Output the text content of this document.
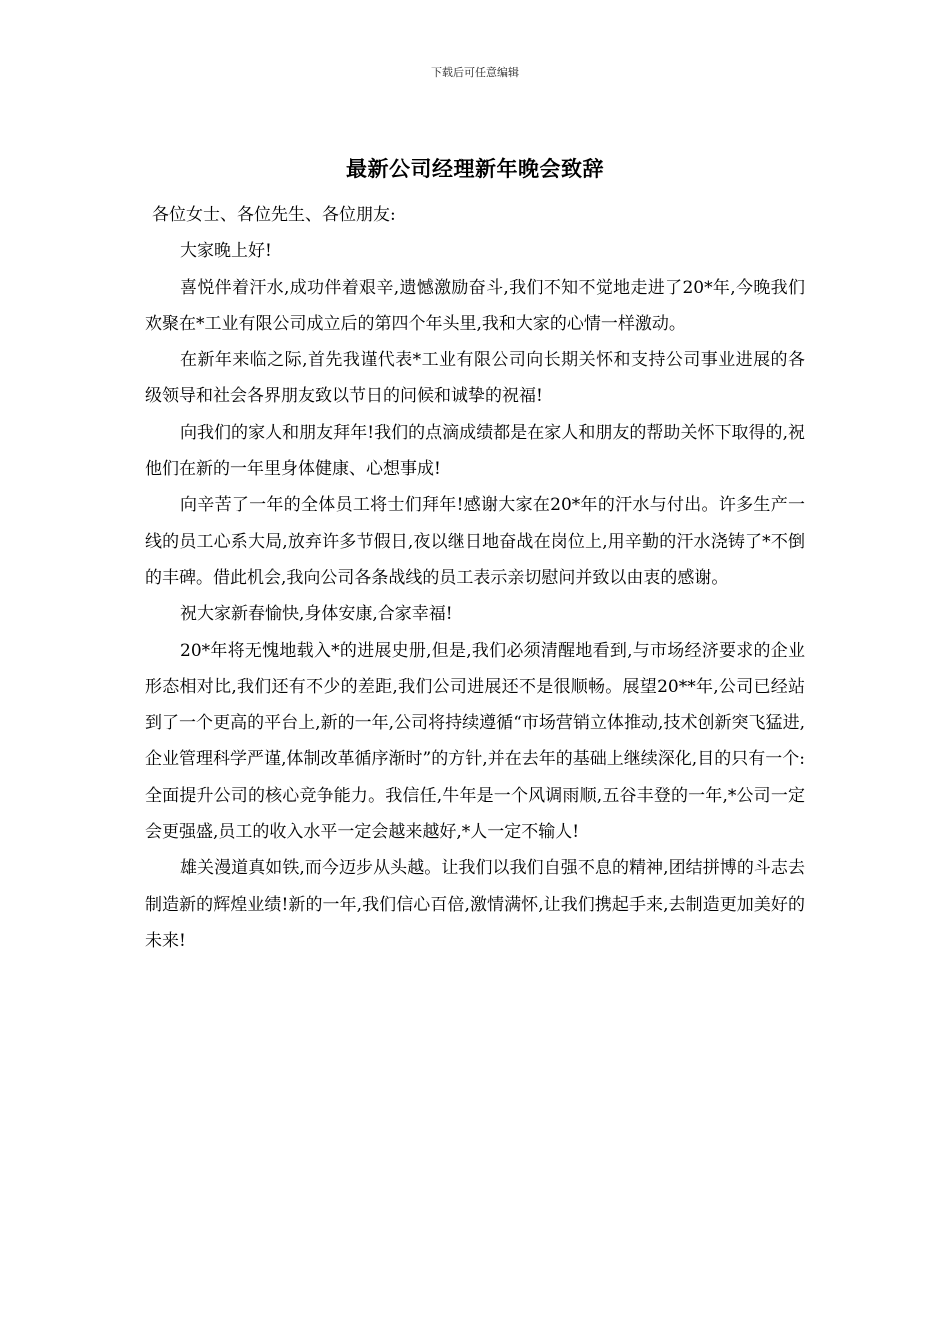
下载后可任意编辑
最新公司经理新年晚会致辞

各位女士、各位先生、各位朋友:

大家晚上好!

喜悦伴着汗水,成功伴着艰辛,遗憾激励奋斗,我们不知不觉地走进了20*年,今晚我们欢聚在*工业有限公司成立后的第四个年头里,我和大家的心情一样激动。

在新年来临之际,首先我谨代表*工业有限公司向长期关怀和支持公司事业进展的各级领导和社会各界朋友致以节日的问候和诚挚的祝福!

向我们的家人和朋友拜年!我们的点滴成绩都是在家人和朋友的帮助关怀下取得的,祝他们在新的一年里身体健康、心想事成!

向辛苦了一年的全体员工将士们拜年!感谢大家在20*年的汗水与付出。许多生产一线的员工心系大局,放弃许多节假日,夜以继日地奋战在岗位上,用辛勤的汗水浇铸了*不倒的丰碑。借此机会,我向公司各条战线的员工表示亲切慰问并致以由衷的感谢。

祝大家新春愉快,身体安康,合家幸福!

20*年将无愧地载入*的进展史册,但是,我们必须清醒地看到,与市场经济要求的企业形态相对比,我们还有不少的差距,我们公司进展还不是很顺畅。展望20**年,公司已经站到了一个更高的平台上,新的一年,公司将持续遵循“市场营销立体推动,技术创新突飞猛进,企业管理科学严谨,体制改革循序渐时”的方针,并在去年的基础上继续深化,目的只有一个:全面提升公司的核心竞争能力。我信任,牛年是一个风调雨顺,五谷丰登的一年,*公司一定会更强盛,员工的收入水平一定会越来越好,*人一定不输人!

雄关漫道真如铁,而今迈步从头越。让我们以我们自强不息的精神,团结拼博的斗志去制造新的辉煌业绩!新的一年,我们信心百倍,激情满怀,让我们携起手来,去制造更加美好的未来!
